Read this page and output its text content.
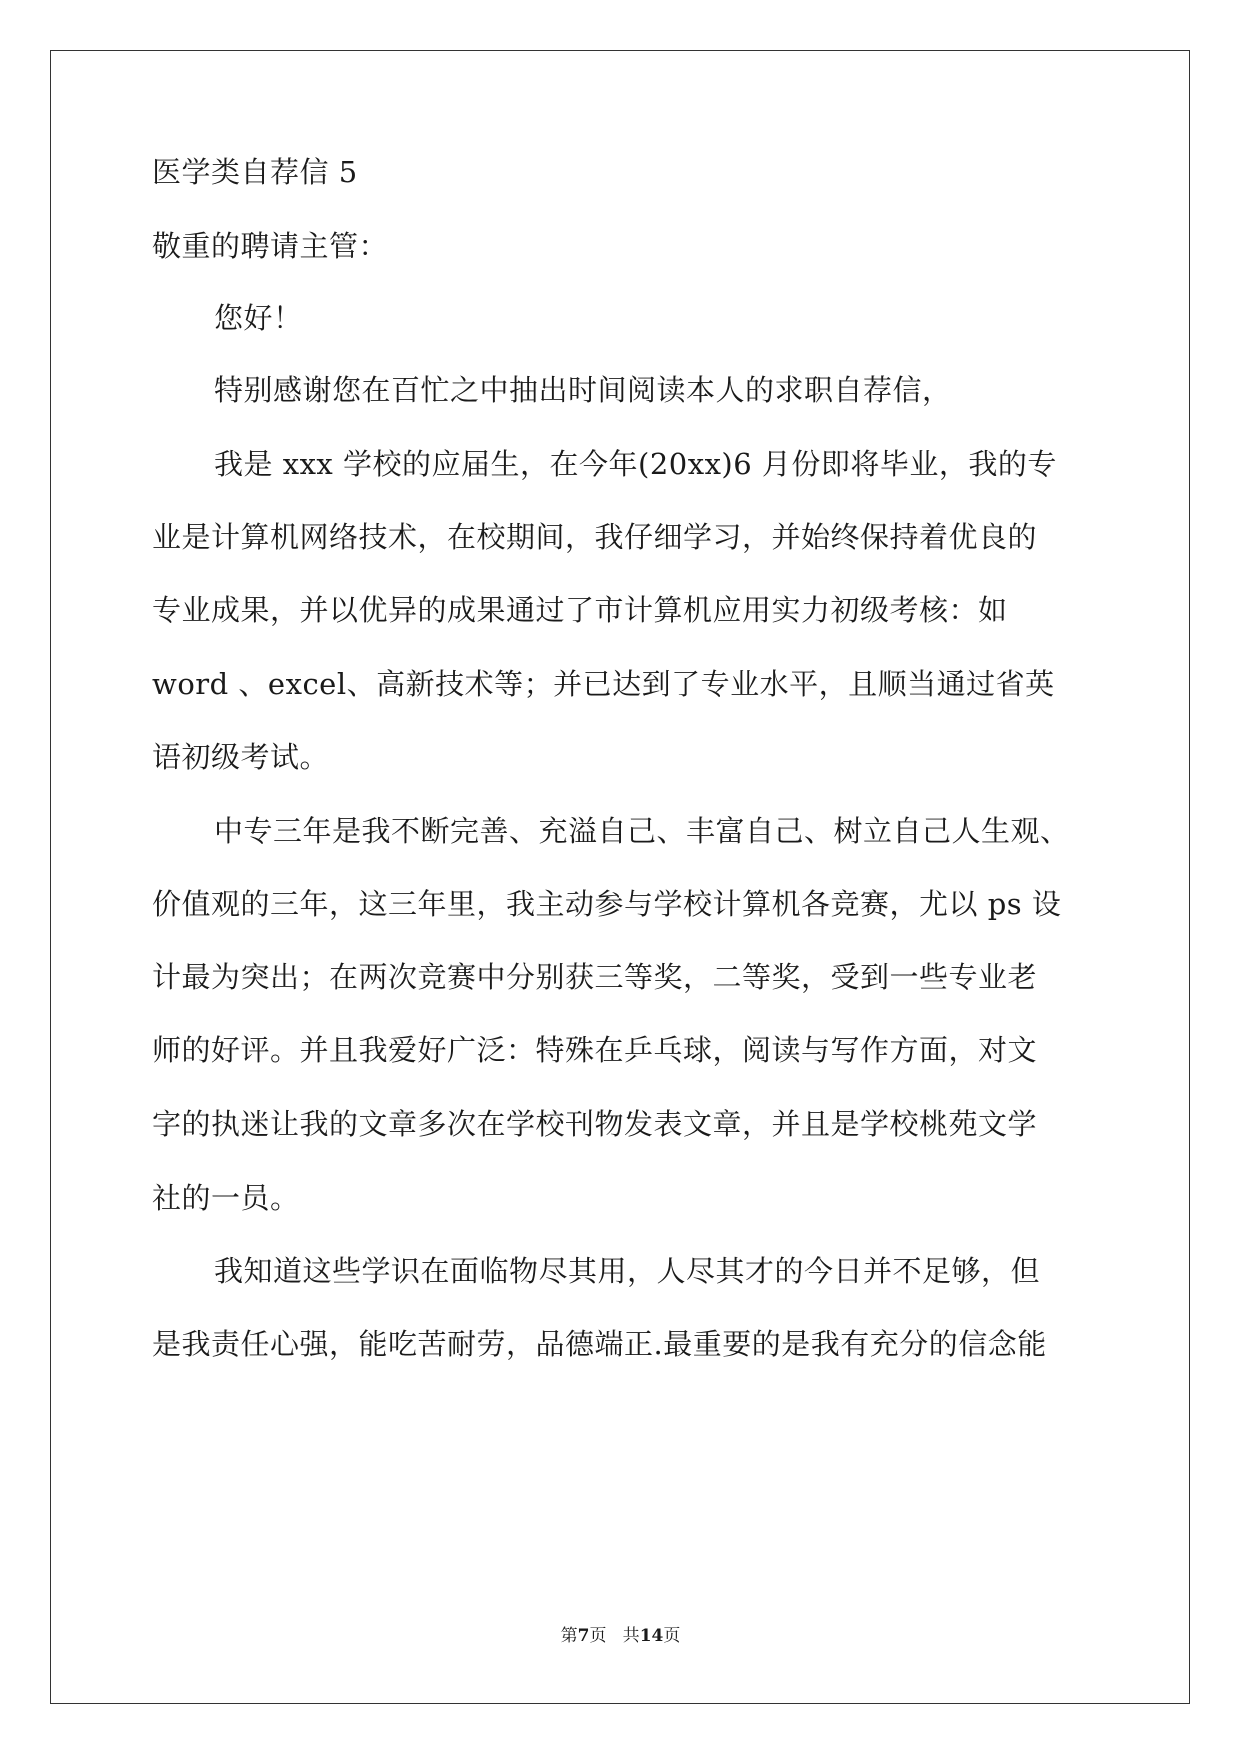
医学类自荐信 5
敬重的聘请主管：
您好！
特别感谢您在百忙之中抽出时间阅读本人的求职自荐信，
我是 xxx 学校的应届生，在今年(20xx)6 月份即将毕业，我的专
业是计算机网络技术，在校期间，我仔细学习，并始终保持着优良的
专业成果，并以优异的成果通过了市计算机应用实力初级考核：如
word 、excel、高新技术等；并已达到了专业水平，且顺当通过省英
语初级考试。
中专三年是我不断完善、充溢自己、丰富自己、树立自己人生观、
价值观的三年，这三年里，我主动参与学校计算机各竞赛，尤以 ps 设
计最为突出；在两次竞赛中分别获三等奖，二等奖，受到一些专业老
师的好评。并且我爱好广泛：特殊在乒乓球，阅读与写作方面，对文
字的执迷让我的文章多次在学校刊物发表文章，并且是学校桃苑文学
社的一员。
我知道这些学识在面临物尽其用，人尽其才的今日并不足够，但
是我责任心强，能吃苦耐劳，品德端正.最重要的是我有充分的信念能
第7页   共14页
